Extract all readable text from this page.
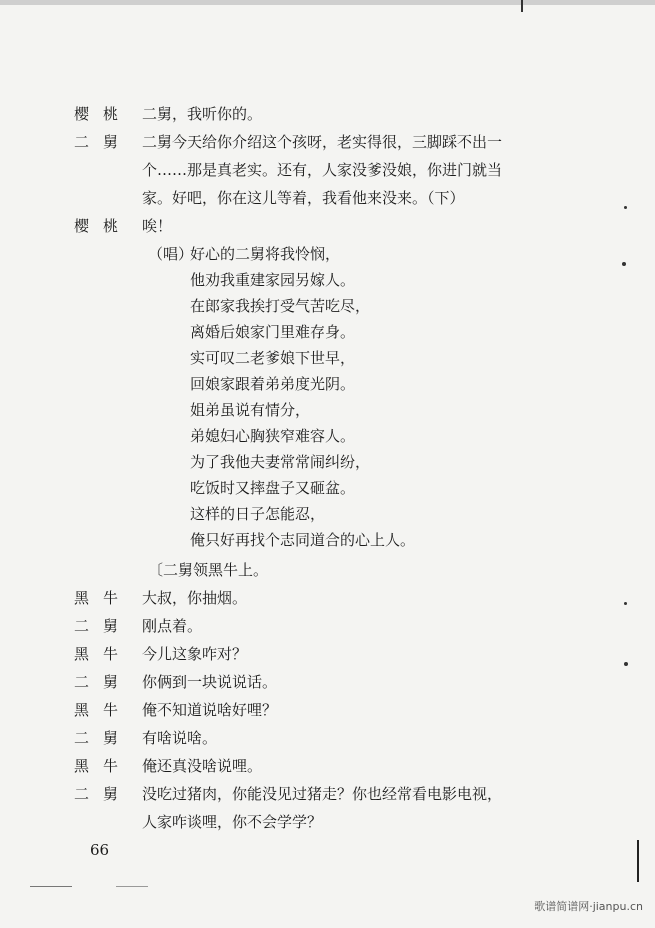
樱桃 二舅，我听你的。
二舅 二舅今天给你介绍这个孩呀，老实得很，三脚踩不出一
个……那是真老实。还有，人家没爹没娘，你进门就当
家。好吧，你在这儿等着，我看他来没来。（下）
樱桃 唉！
（唱）
好心的二舅将我怜悯，
他劝我重建家园另嫁人。
在郎家我挨打受气苦吃尽，
离婚后娘家门里难存身。
实可叹二老爹娘下世早，
回娘家跟着弟弟度光阴。
姐弟虽说有情分，
弟媳妇心胸狭窄难容人。
为了我他夫妻常常闹纠纷，
吃饭时又摔盘子又砸盆。
这样的日子怎能忍，
俺只好再找个志同道合的心上人。
〔二舅领黑牛上。
黑牛 大叔，你抽烟。
二舅 刚点着。
黑牛 今儿这象咋对？
二舅 你俩到一块说说话。
黑牛 俺不知道说啥好哩？
二舅 有啥说啥。
黑牛 俺还真没啥说哩。
二舅 没吃过猪肉，你能没见过猪走？你也经常看电影电视，
人家咋谈哩，你不会学学？
66
歌谱简谱网·jianpu.cn
